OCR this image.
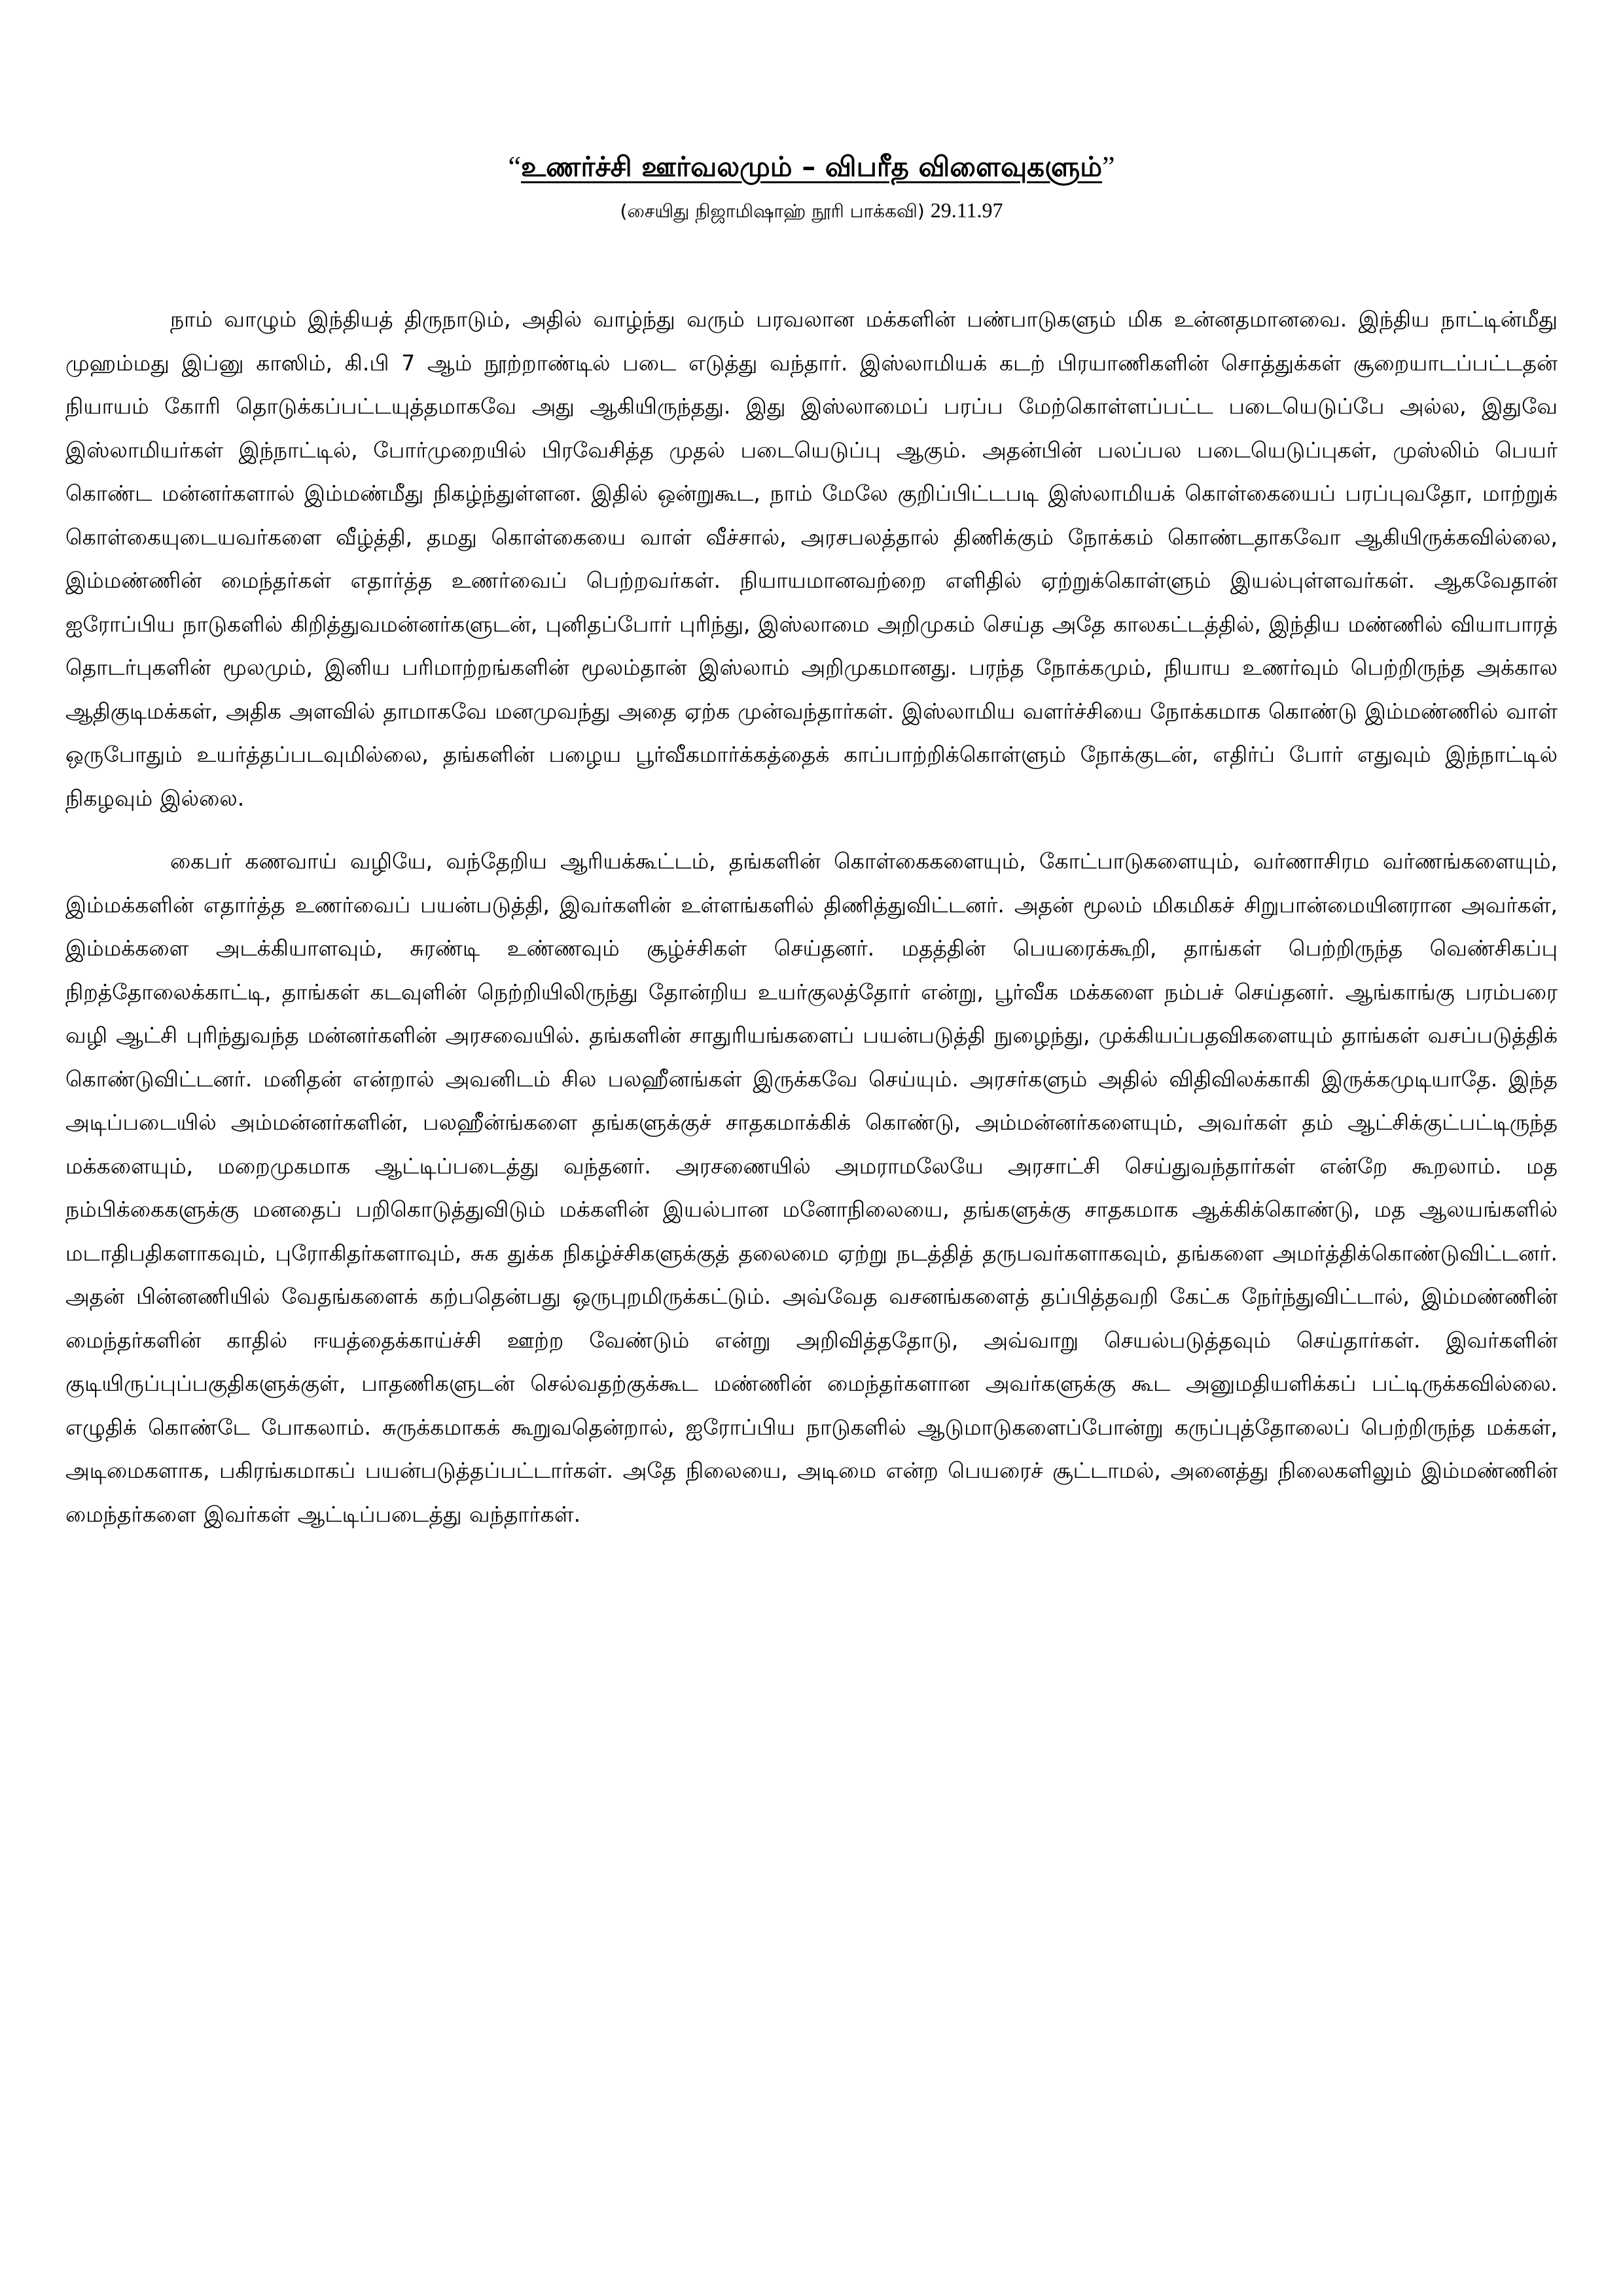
“உணர்ச்சி ஊர்வலமும் – விபரீத விளைவுகளும்”
(சையிது நிஜாமிஷாஹ் நூரி பாக்கவி) 29.11.97

நாம் வாழும் இந்தியத் திருநாடும், அதில் வாழ்ந்து வரும் பரவலான மக்களின் பண்பாடுகளும் மிக உன்னதமானவை. இந்திய நாட்டின்மீது முஹம்மது இப்னு காஸிம், கி.பி 7 ஆம் நூற்றாண்டில் படை எடுத்து வந்தார். இஸ்லாமியக் கடற் பிரயாணிகளின் சொத்துக்கள் சூறையாடப்பட்டதன் நியாயம் கோரி தொடுக்கப்பட்டயுத்தமாகவே அது ஆகியிருந்தது. இது இஸ்லாமைப் பரப்ப மேற்கொள்ளப்பட்ட படையெடுப்பே அல்ல, இதுவே இஸ்லாமியர்கள் இந்நாட்டில், போர்முறையில் பிரவேசித்த முதல் படையெடுப்பு ஆகும். அதன்பின் பலப்பல படையெடுப்புகள், முஸ்லிம் பெயர் கொண்ட மன்னர்களால் இம்மண்மீது நிகழ்ந்துள்ளன. இதில் ஒன்றுகூட, நாம் மேலே குறிப்பிட்டபடி இஸ்லாமியக் கொள்கையைப் பரப்புவதோ, மாற்றுக் கொள்கையுடையவர்களை வீழ்த்தி, தமது கொள்கையை வாள் வீச்சால், அரசபலத்தால் திணிக்கும் நோக்கம் கொண்டதாகவோ ஆகியிருக்கவில்லை, இம்மண்ணின் மைந்தர்கள் எதார்த்த உணர்வைப் பெற்றவர்கள். நியாயமானவற்றை எளிதில் ஏற்றுக்கொள்ளும் இயல்புள்ளவர்கள். ஆகவேதான் ஐரோப்பிய நாடுகளில் கிறித்துவமன்னர்களுடன், புனிதப்போர் புரிந்து, இஸ்லாமை அறிமுகம் செய்த அதே காலகட்டத்தில், இந்திய மண்ணில் வியாபாரத் தொடர்புகளின் மூலமும், இனிய பரிமாற்றங்களின் மூலம்தான் இஸ்லாம் அறிமுகமானது. பரந்த நோக்கமும், நியாய உணர்வும் பெற்றிருந்த அக்கால ஆதிகுடிமக்கள், அதிக அளவில் தாமாகவே மனமுவந்து அதை ஏற்க முன்வந்தார்கள். இஸ்லாமிய வளர்ச்சியை நோக்கமாக கொண்டு இம்மண்ணில் வாள் ஒருபோதும் உயர்த்தப்படவுமில்லை, தங்களின் பழைய பூர்வீகமார்க்கத்தைக் காப்பாற்றிக்கொள்ளும் நோக்குடன், எதிர்ப் போர் எதுவும் இந்நாட்டில் நிகழவும் இல்லை.

கைபர் கணவாய் வழியே, வந்தேறிய ஆரியக்கூட்டம், தங்களின் கொள்கைகளையும், கோட்பாடுகளையும், வர்ணாசிரம வர்ணங்களையும், இம்மக்களின் எதார்த்த உணர்வைப் பயன்படுத்தி, இவர்களின் உள்ளங்களில் திணித்துவிட்டனர். அதன் மூலம் மிகமிகச் சிறுபான்மையினரான அவர்கள், இம்மக்களை அடக்கியாளவும், சுரண்டி உண்ணவும் சூழ்ச்சிகள் செய்தனர். மதத்தின் பெயரைக்கூறி, தாங்கள் பெற்றிருந்த வெண்சிகப்பு நிறத்தோலைக்காட்டி, தாங்கள் கடவுளின் நெற்றியிலிருந்து தோன்றிய உயர்குலத்தோர் என்று, பூர்வீக மக்களை நம்பச் செய்தனர். ஆங்காங்கு பரம்பரை வழி ஆட்சி புரிந்துவந்த மன்னர்களின் அரசவையில். தங்களின் சாதுரியங்களைப் பயன்படுத்தி நுழைந்து, முக்கியப்பதவிகளையும் தாங்கள் வசப்படுத்திக் கொண்டுவிட்டனர். மனிதன் என்றால் அவனிடம் சில பலஹீனங்கள் இருக்கவே செய்யும். அரசர்களும் அதில் விதிவிலக்காகி இருக்கமுடியாதே. இந்த அடிப்படையில் அம்மன்னர்களின், பலஹீன்ங்களை தங்களுக்குச் சாதகமாக்கிக் கொண்டு, அம்மன்னர்களையும், அவர்கள் தம் ஆட்சிக்குட்பட்டிருந்த மக்களையும், மறைமுகமாக ஆட்டிப்படைத்து வந்தனர். அரசணையில் அமராமலேயே அரசாட்சி செய்துவந்தார்கள் என்றே கூறலாம். மத நம்பிக்கைகளுக்கு மனதைப் பறிகொடுத்துவிடும் மக்களின் இயல்பான மனோநிலையை, தங்களுக்கு சாதகமாக ஆக்கிக்கொண்டு, மத ஆலயங்களில் மடாதிபதிகளாகவும், புரோகிதர்களாவும், சுக துக்க நிகழ்ச்சிகளுக்குத் தலைமை ஏற்று நடத்தித் தருபவர்களாகவும், தங்களை அமர்த்திக்கொண்டுவிட்டனர். அதன் பின்னணியில் வேதங்களைக் கற்பதென்பது ஒருபுறமிருக்கட்டும். அவ்வேத வசனங்களைத் தப்பித்தவறி கேட்க நேர்ந்துவிட்டால், இம்மண்ணின் மைந்தர்களின் காதில் ஈயத்தைக்காய்ச்சி ஊற்ற வேண்டும் என்று அறிவித்ததோடு, அவ்வாறு செயல்படுத்தவும் செய்தார்கள். இவர்களின் குடியிருப்புப்பகுதிகளுக்குள், பாதணிகளுடன் செல்வதற்குக்கூட மண்ணின் மைந்தர்களான அவர்களுக்கு கூட அனுமதியளிக்கப் பட்டிருக்கவில்லை. எழுதிக் கொண்டே போகலாம். சுருக்கமாகக் கூறுவதென்றால், ஐரோப்பிய நாடுகளில் ஆடுமாடுகளைப்போன்று கருப்புத்தோலைப் பெற்றிருந்த மக்கள், அடிமைகளாக, பகிரங்கமாகப் பயன்படுத்தப்பட்டார்கள். அதே நிலையை, அடிமை என்ற பெயரைச் சூட்டாமல், அனைத்து நிலைகளிலும் இம்மண்ணின் மைந்தர்களை இவர்கள் ஆட்டிப்படைத்து வந்தார்கள்.
